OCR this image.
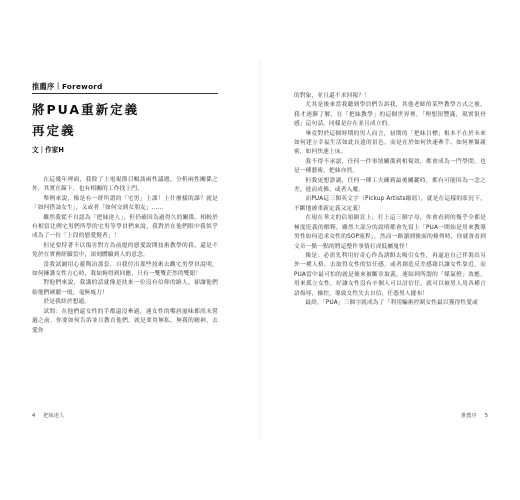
推薦序｜Foreword
將PUA重新定義
再定義
文｜作家H

在這幾年裡面，我除了上電視節目暢談兩性議題、分析兩性關係之外，其實在線下，也有相關的工作找上門。

舉例來說，像是有一群所謂的「宅男」上課！上什麼樣的課？就是「如何搭訕女生」，又或者「如何交到女朋友」……

雖然我從不自認為「把妹達人」，但仍確因為過得久的關係，相較於有相當比例宅男們所學的宅男等學員們來說，我對於在他們眼中我似乎成為了一位「上段的戀愛賢者」！

但是要特著不以傷害對方為前提的戀愛說開技術教學的我，還是不免於在實務經驗當中，深刻體驗到人的意念。

當我試圖用心靈陶冶那套，自我付出那些技術去觀宅男學員說明，如何擁護女性方心時，我如夠得到回應，只有一雙雙茫然的雙眼！

對他們來說，我講的話就像是扶來一位沒有信仰的路人，卻讓他們始他們硬聽一般，毫無威力！

於是我終於想通。

試問：在他們還女性的手都還沒牽過，連女性的嘴唇滋味都尚未嘗過之前，你要如何告訴並且教育他們，就是要用無私、無我的精神，去愛你

4 把妹達人

的對象，並且還不求回報？！

尤其是後來當我聽到學員們告訴我，其他老師的某些教學方式之後，我才逐漸了解，在「把妹教學」的這個世界裡，「理想很豐滿，現實很骨感」這句話，同樣是存在並且成立的。

畢竟對於這個時期的男人而言，初期的「把妹目標」根本不在於未來如何建立幸福生活如此長遠的景色，而是在於如何快速牽手、如何裡緊親密，如何快速上床。

我不得不承認，任何一件事情關係到相報效，都會成為一門學問，也是一種藝術，把妹亦然。

但我更想證調，任何一種工夫練到最後關鍵時，都有可能因為一念之差，進而成佛、或者入魔。

而PUA這三個英文字（Pickup Artists縮寫），就是在這樣的狀況下，不斷地被重新定義又定義！

在現在華文的佔領網頁上，打上這三個字母，你會看到的幾乎全都是極度貶義的解釋，雖然大部分的說明都會先寫上「PUA一開始是用來教導男性如何追求女性的SOP流程」，然而一路讀到後面的條列時，你就會看到文章一點一點的將這整件事情打成低屬鬼怪！

像是：必需先利用好奇心作為誘餌去吸引女性，再逼迫自己伴裝出另外一種人格，去取得女性的信任感，或者創造反差感藉以讓女性靠近，而PUA當中最可怕的就是後來被斷章取義，連結到所謂的「煤氣燈」效應，用來孤立女性，好讓女性沒有辛個人可以討信任，就可以被男人用各種言語侮辱，操控，導致女性失去自信，任憑男人擺布！

最終，「PUA」三個字就成為了「利用騙術控制女性最以獲得性愛或

推薦序 5
